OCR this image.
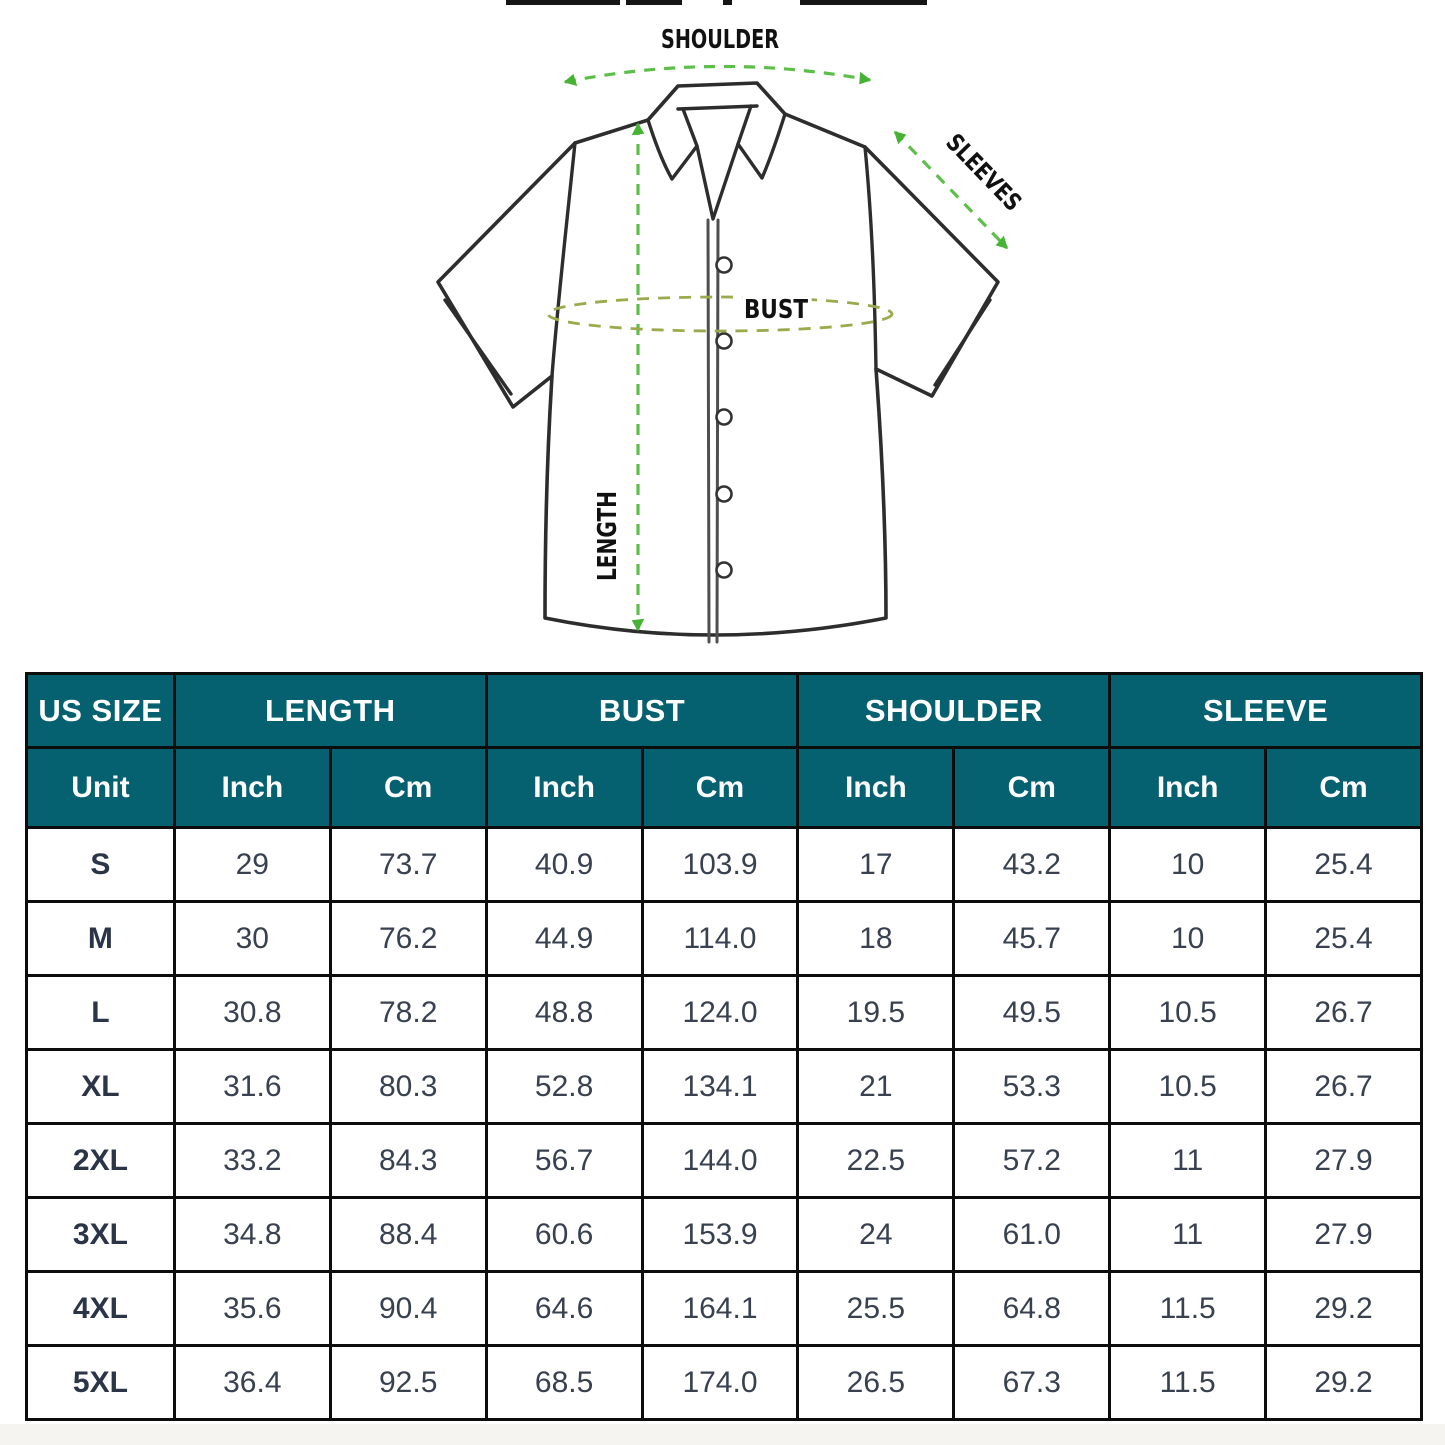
SHOULDER
SLEEVES
BUST
LENGTH
US SIZE	LENGTH		BUST		SHOULDER		SLEEVE	
Unit	Inch	Cm	Inch	Cm	Inch	Cm	Inch	Cm
S	29	73.7	40.9	103.9	17	43.2	10	25.4
M	30	76.2	44.9	114.0	18	45.7	10	25.4
L	30.8	78.2	48.8	124.0	19.5	49.5	10.5	26.7
XL	31.6	80.3	52.8	134.1	21	53.3	10.5	26.7
2XL	33.2	84.3	56.7	144.0	22.5	57.2	11	27.9
3XL	34.8	88.4	60.6	153.9	24	61.0	11	27.9
4XL	35.6	90.4	64.6	164.1	25.5	64.8	11.5	29.2
5XL	36.4	92.5	68.5	174.0	26.5	67.3	11.5	29.2
